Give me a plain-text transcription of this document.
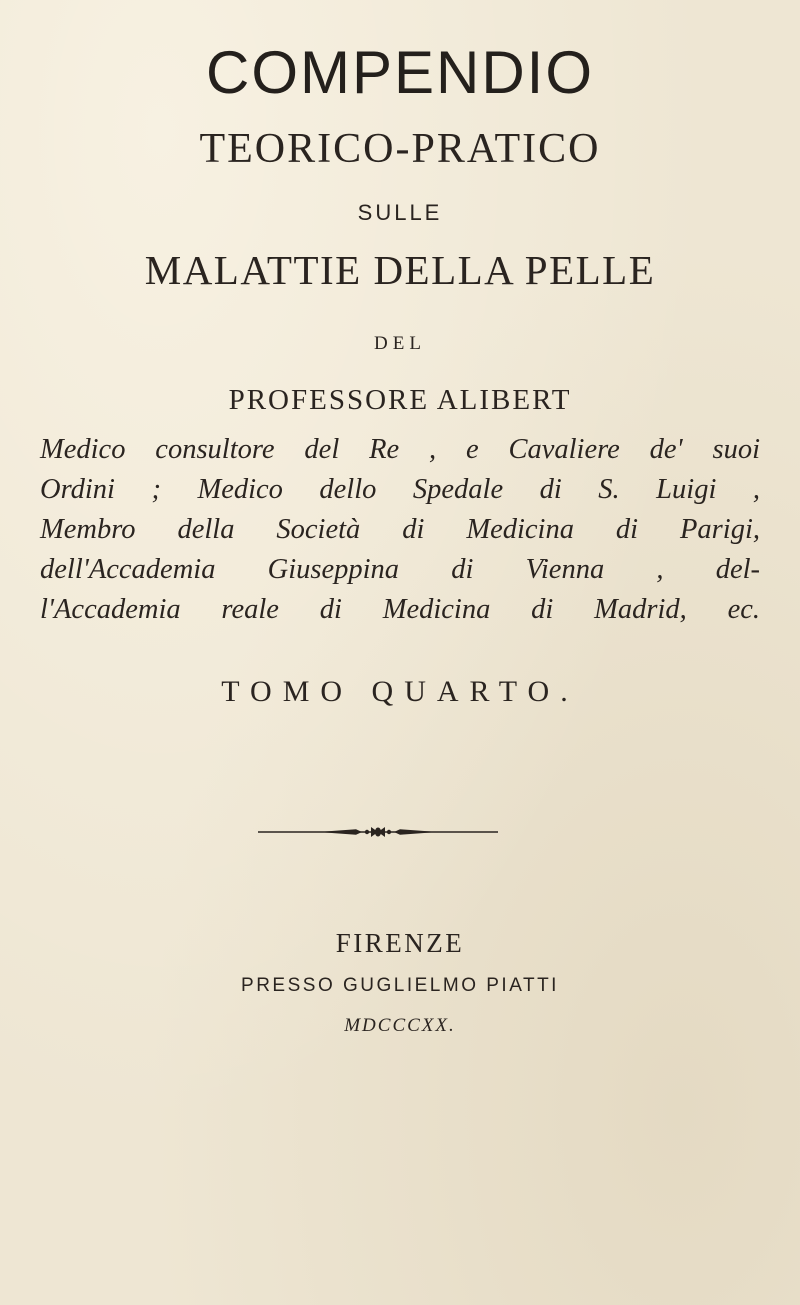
COMPENDIO
TEORICO-PRATICO
SULLE
MALATTIE DELLA PELLE
DEL
PROFESSORE ALIBERT
Medico consultore del Re , e Cavaliere de' suoi
Ordini ; Medico dello Spedale di S. Luigi ,
Membro della Società di Medicina di Parigi,
dell'Accademia Giuseppina di Vienna , del-
l'Accademia reale di Medicina di Madrid, ec.
TOMO QUARTO.
FIRENZE
PRESSO GUGLIELMO PIATTI
MDCCCXX.
